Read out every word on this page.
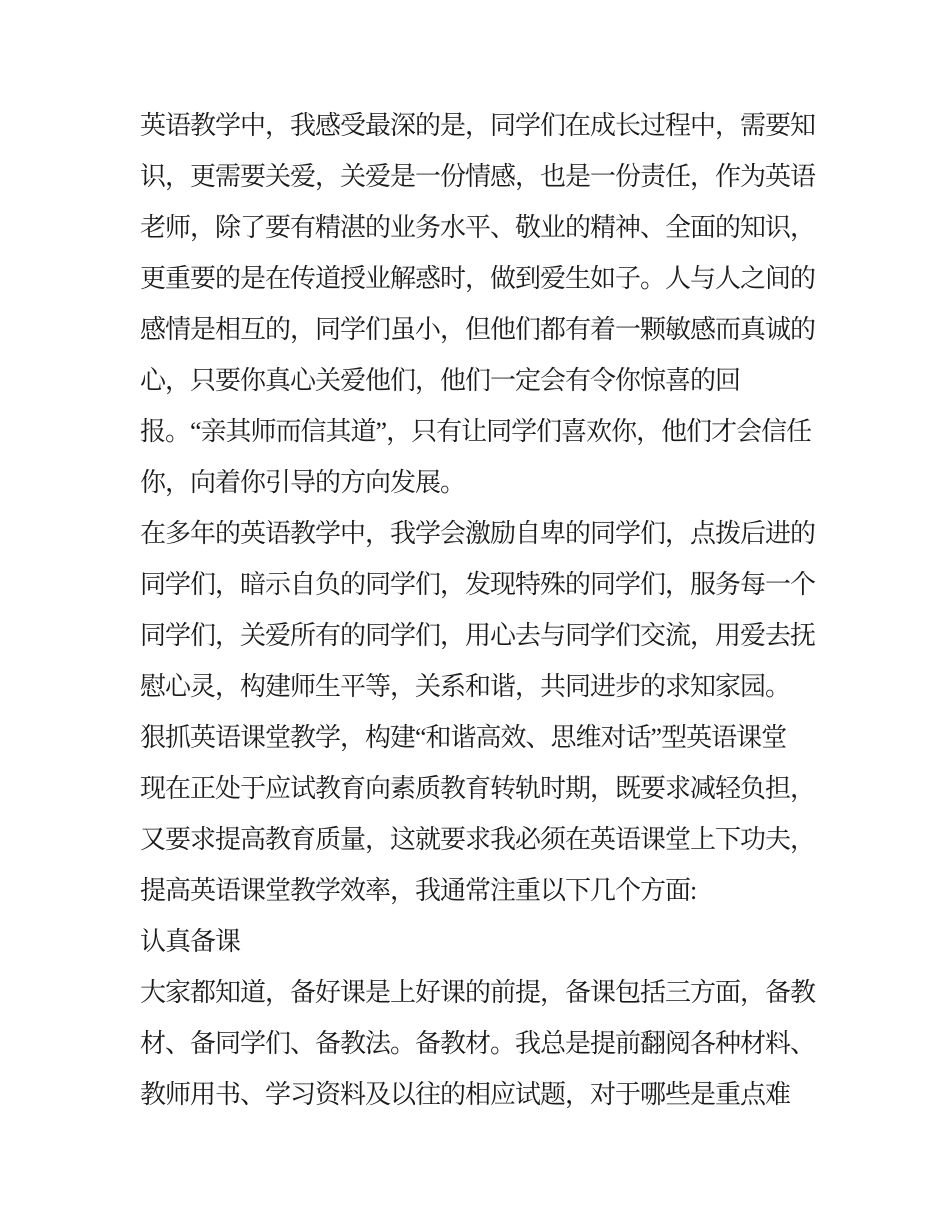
英语教学中，我感受最深的是，同学们在成长过程中，需要知
识，更需要关爱，关爱是一份情感，也是一份责任，作为英语
老师，除了要有精湛的业务水平、敬业的精神、全面的知识，
更重要的是在传道授业解惑时，做到爱生如子。人与人之间的
感情是相互的，同学们虽小，但他们都有着一颗敏感而真诚的
心，只要你真心关爱他们，他们一定会有令你惊喜的回
报。“亲其师而信其道”，只有让同学们喜欢你，他们才会信任
你，向着你引导的方向发展。
在多年的英语教学中，我学会激励自卑的同学们，点拨后进的
同学们，暗示自负的同学们，发现特殊的同学们，服务每一个
同学们，关爱所有的同学们，用心去与同学们交流，用爱去抚
慰心灵，构建师生平等，关系和谐，共同进步的求知家园。
狠抓英语课堂教学，构建“和谐高效、思维对话”型英语课堂
现在正处于应试教育向素质教育转轨时期，既要求减轻负担，
又要求提高教育质量，这就要求我必须在英语课堂上下功夫，
提高英语课堂教学效率，我通常注重以下几个方面:
认真备课
大家都知道，备好课是上好课的前提，备课包括三方面，备教
材、备同学们、备教法。备教材。我总是提前翻阅各种材料、
教师用书、学习资料及以往的相应试题，对于哪些是重点难
